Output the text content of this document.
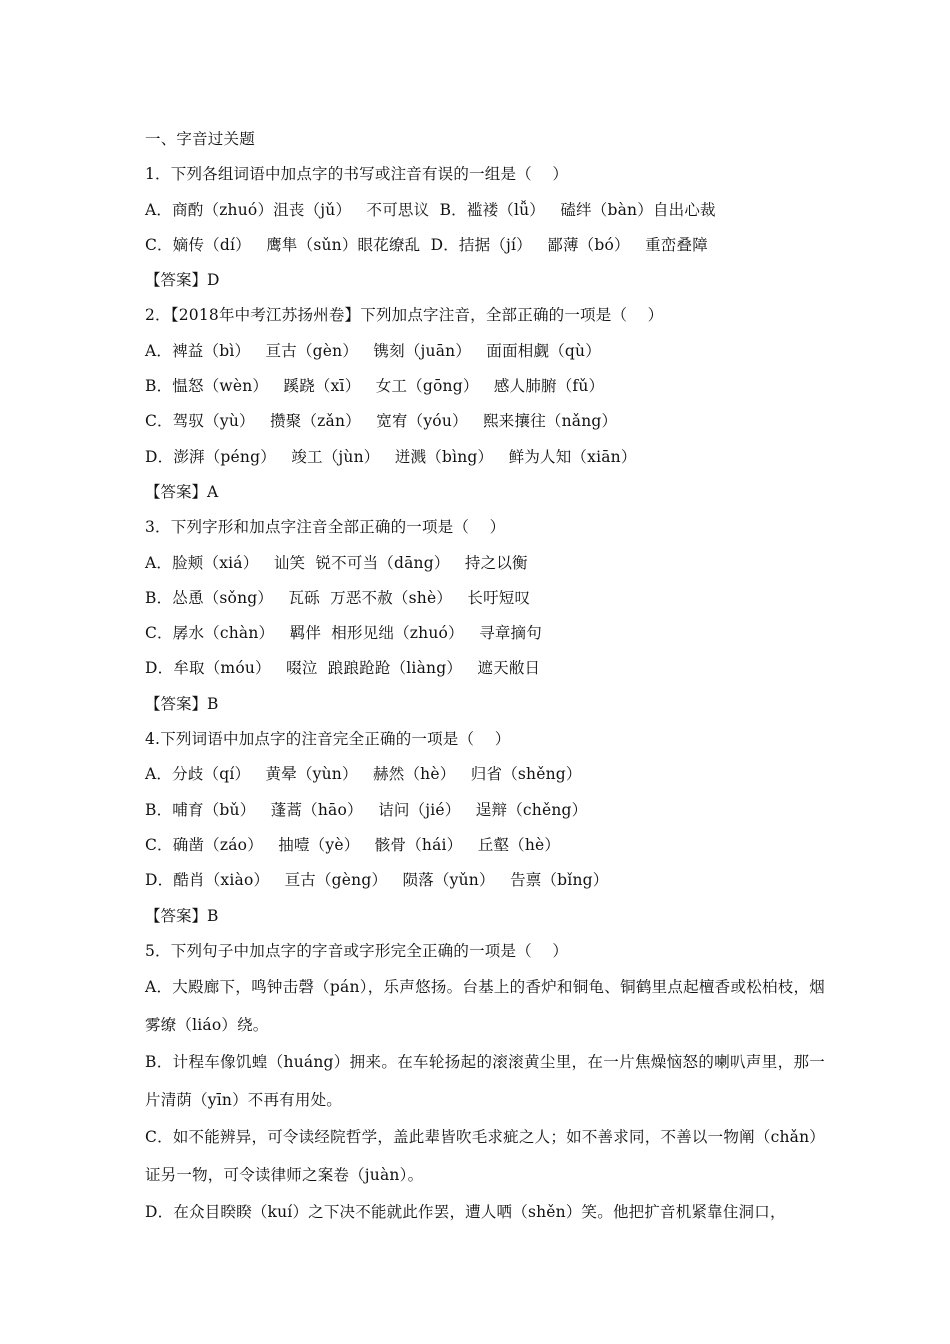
一、字音过关题
1．下列各组词语中加点字的书写或注音有误的一组是（    ）
A．商酌（zhuó）沮丧（jǔ）   不可思议  B．褴褛（lǚ）   磕绊（bàn）自出心裁
C．嫡传（dí）   鹰隼（sǔn）眼花缭乱  D．拮据（jí）   鄙薄（bó）   重峦叠障
【答案】D
2．【2018年中考江苏扬州卷】下列加点字注音，全部正确的一项是（    ）
A．裨益（bì）   亘古（gèn）   镌刻（juān）   面面相觑（qù）
B．愠怒（wèn）   蹊跷（xī）   女工（gōng）   感人肺腑（fǔ）
C．驾驭（yù）   攒聚（zǎn）   宽宥（yóu）   熙来攘往（nǎng）
D．澎湃（péng）   竣工（jùn）   迸溅（bìng）   鲜为人知（xiān）
【答案】A
3．下列字形和加点字注音全部正确的一项是（    ）
A．脸颊（xiá）   讪笑  锐不可当（dāng）   持之以衡
B．怂恿（sǒng）   瓦砾  万恶不赦（shè）   长吁短叹
C．孱水（chàn）   羁伴  相形见绌（zhuó）   寻章摘句
D．牟取（móu）   啜泣  踉踉跄跄（liàng）   遮天敝日
【答案】B
4.下列词语中加点字的注音完全正确的一项是（    ）
A．分歧（qí）   黄晕（yùn）   赫然（hè）   归省（shěng）
B．哺育（bǔ）   蓬蒿（hāo）   诘问（jié）   逞辩（chěng）
C．确凿（záo）   抽噎（yè）   骸骨（hái）   丘壑（hè）
D．酷肖（xiào）   亘古（gèng）   陨落（yǔn）   告禀（bǐng）
【答案】B
5．下列句子中加点字的字音或字形完全正确的一项是（    ）
A．大殿廊下，鸣钟击磬（pán），乐声悠扬。台基上的香炉和铜龟、铜鹤里点起檀香或松柏枝，烟雾缭（liáo）绕。
B．计程车像饥蝗（huáng）拥来。在车轮扬起的滚滚黄尘里，在一片焦燥恼怒的喇叭声里，那一片清荫（yīn）不再有用处。
C．如不能辨异，可令读经院哲学，盖此辈皆吹毛求疵之人；如不善求同，不善以一物阐（chǎn）证另一物，可令读律师之案卷（juàn）。
D．在众目睽睽（kuí）之下决不能就此作罢，遭人哂（shěn）笑。他把扩音机紧靠住洞口，
